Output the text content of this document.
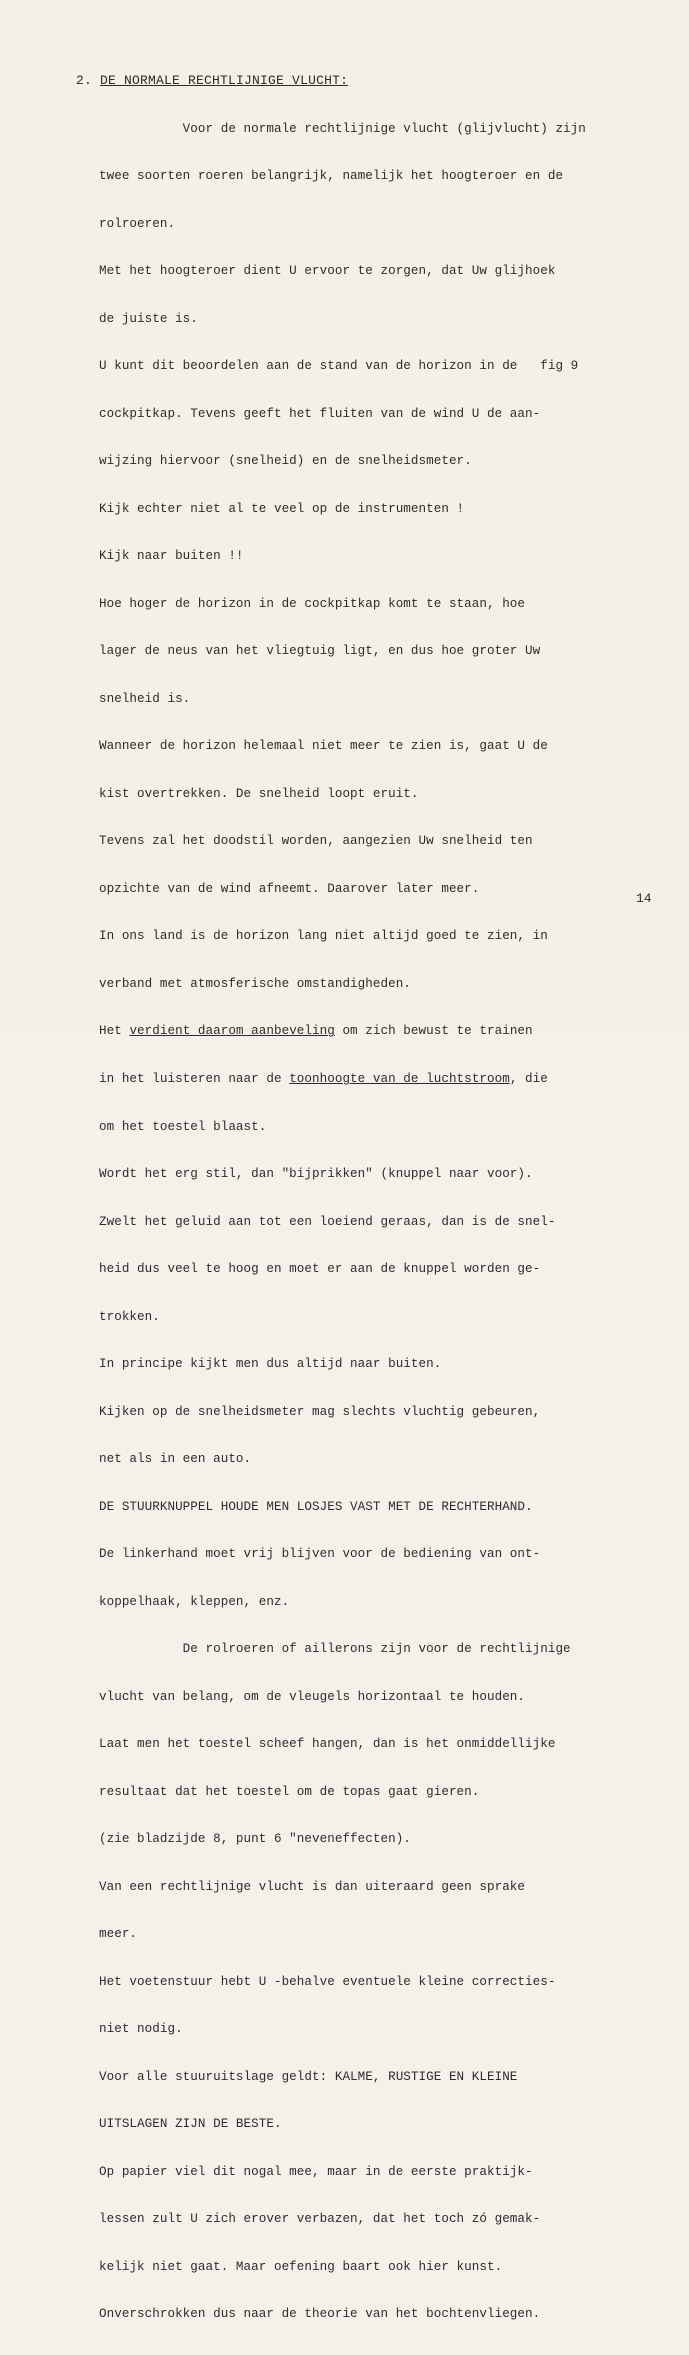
2. DE NORMALE RECHTLIJNIGE VLUCHT:

Voor de normale rechtlijnige vlucht (glijvlucht) zijn

twee soorten roeren belangrijk, namelijk het hoogteroer en de

rolroeren.

Met het hoogteroer dient U ervoor te zorgen, dat Uw glijhoek

de juiste is.

U kunt dit beoordelen aan de stand van de horizon in de   fig 9

cockpitkap. Tevens geeft het fluiten van de wind U de aan-

wijzing hiervoor (snelheid) en de snelheidsmeter.

Kijk echter niet al te veel op de instrumenten !

Kijk naar buiten !!

Hoe hoger de horizon in de cockpitkap komt te staan, hoe

lager de neus van het vliegtuig ligt, en dus hoe groter Uw

snelheid is.

Wanneer de horizon helemaal niet meer te zien is, gaat U de

kist overtrekken. De snelheid loopt eruit.

Tevens zal het doodstil worden, aangezien Uw snelheid ten

opzichte van de wind afneemt. Daarover later meer.

In ons land is de horizon lang niet altijd goed te zien, in

verband met atmosferische omstandigheden.

Het verdient daarom aanbeveling om zich bewust te trainen

in het luisteren naar de toonhoogte van de luchtstroom, die

om het toestel blaast.

Wordt het erg stil, dan "bijprikken" (knuppel naar voor).

Zwelt het geluid aan tot een loeiend geraas, dan is de snel-

heid dus veel te hoog en moet er aan de knuppel worden ge-

trokken.

In principe kijkt men dus altijd naar buiten.

Kijken op de snelheidsmeter mag slechts vluchtig gebeuren,

net als in een auto.

DE STUURKNUPPEL HOUDE MEN LOSJES VAST MET DE RECHTERHAND.

De linkerhand moet vrij blijven voor de bediening van ont-

koppelhaak, kleppen, enz.

De rolroeren of aillerons zijn voor de rechtlijnige

vlucht van belang, om de vleugels horizontaal te houden.

Laat men het toestel scheef hangen, dan is het onmiddellijke

resultaat dat het toestel om de topas gaat gieren.

(zie bladzijde 8, punt 6 "neveneffecten).

Van een rechtlijnige vlucht is dan uiteraard geen sprake

meer.

Het voetenstuur hebt U -behalve eventuele kleine correcties-

niet nodig.

Voor alle stuuruitslage geldt: KALME, RUSTIGE EN KLEINE

UITSLAGEN ZIJN DE BESTE.

Op papier viel dit nogal mee, maar in de eerste praktijk-

lessen zult U zich erover verbazen, dat het toch zó gemak-

kelijk niet gaat. Maar oefening baart ook hier kunst.

Onverschrokken dus naar de theorie van het bochtenvliegen.

14
